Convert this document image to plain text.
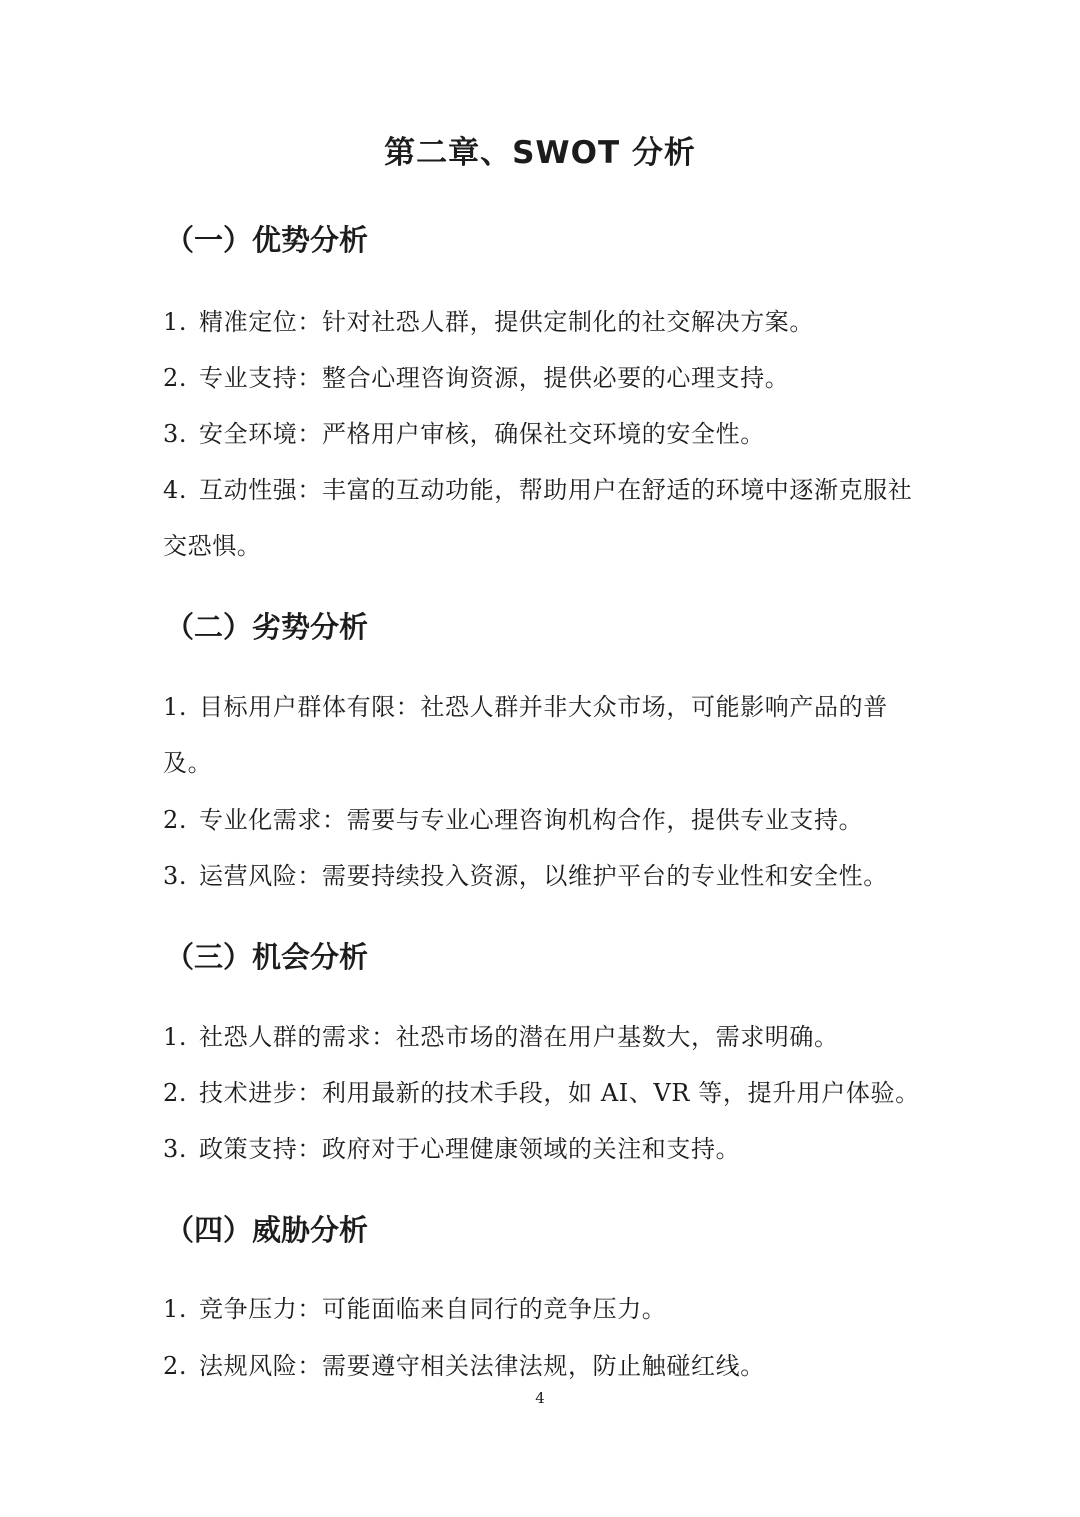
第二章、SWOT 分析
（一）优势分析
1. 精准定位：针对社恐人群，提供定制化的社交解决方案。
2. 专业支持：整合心理咨询资源，提供必要的心理支持。
3. 安全环境：严格用户审核，确保社交环境的安全性。
4. 互动性强：丰富的互动功能，帮助用户在舒适的环境中逐渐克服社交恐惧。
（二）劣势分析
1. 目标用户群体有限：社恐人群并非大众市场，可能影响产品的普及。
2. 专业化需求：需要与专业心理咨询机构合作，提供专业支持。
3. 运营风险：需要持续投入资源，以维护平台的专业性和安全性。
（三）机会分析
1. 社恐人群的需求：社恐市场的潜在用户基数大，需求明确。
2. 技术进步：利用最新的技术手段，如 AI、VR 等，提升用户体验。
3. 政策支持：政府对于心理健康领域的关注和支持。
（四）威胁分析
1. 竞争压力：可能面临来自同行的竞争压力。
2. 法规风险：需要遵守相关法律法规，防止触碰红线。
4
